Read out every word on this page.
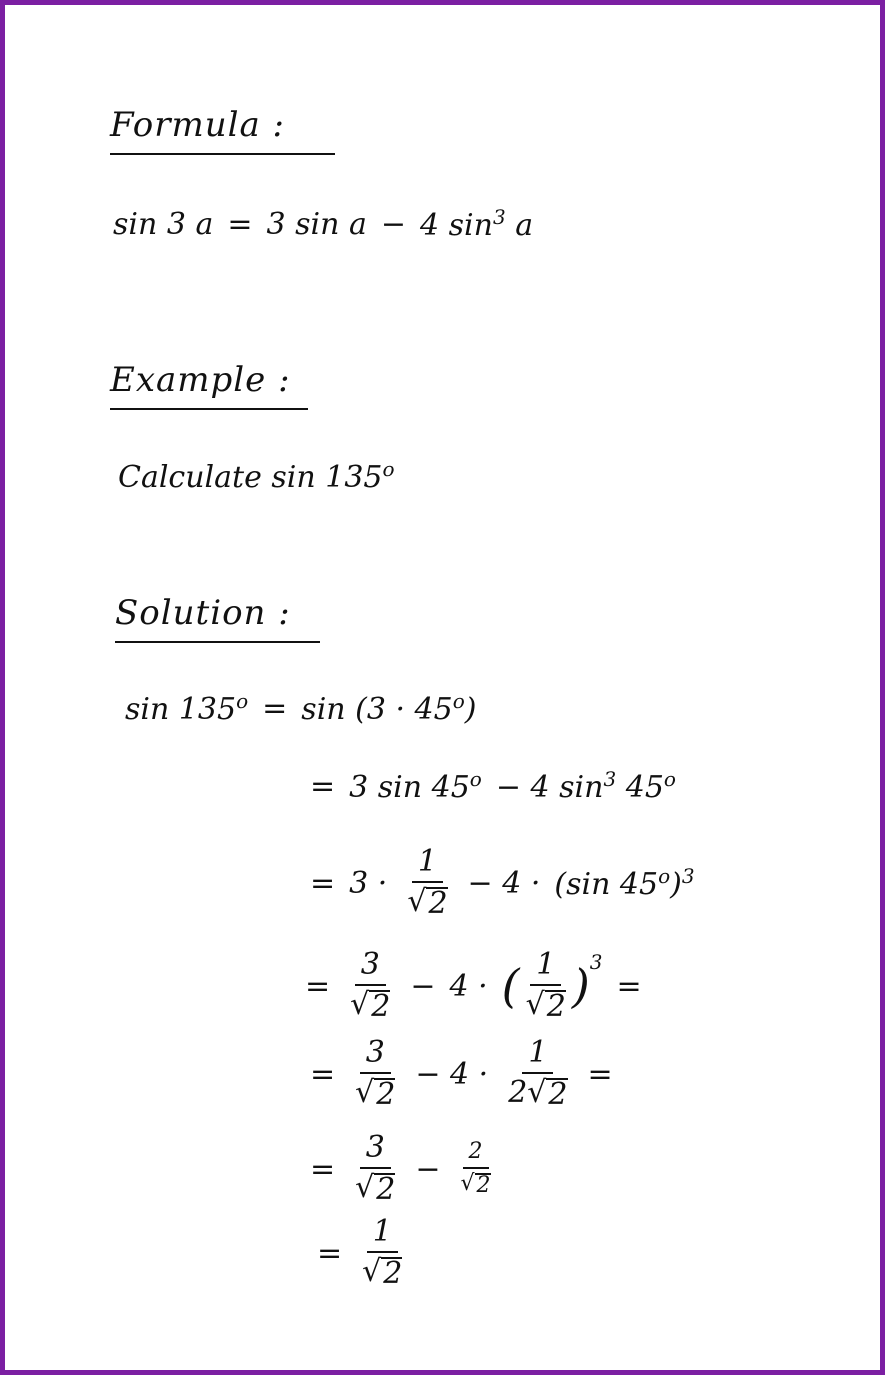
Formula :
sin 3 a = 3 sin a − 4 $\sin^3 a$
Example :
Calculate sin 135$^o$
Solution :
$\sin 135^o = \sin (3 \cdot 45^o)$
= 3 $\sin 45^o - 4$ $\sin^3 45^o$
= $3 \cdot \frac{1}{√ 2} - 4 \cdot (\sin$ $45^o)^3$
= $\frac{3}{√ 2} - 4$ · ( $\frac{1}{√ 2} )^3$
=
= $\frac{3}{√ 2} - 4 \cdot \frac{1}{2 √ 2}$ =
= $\frac{3}{√ 2} - \frac{2}{√ 2}$
= $\frac{1}{√ 2}$
